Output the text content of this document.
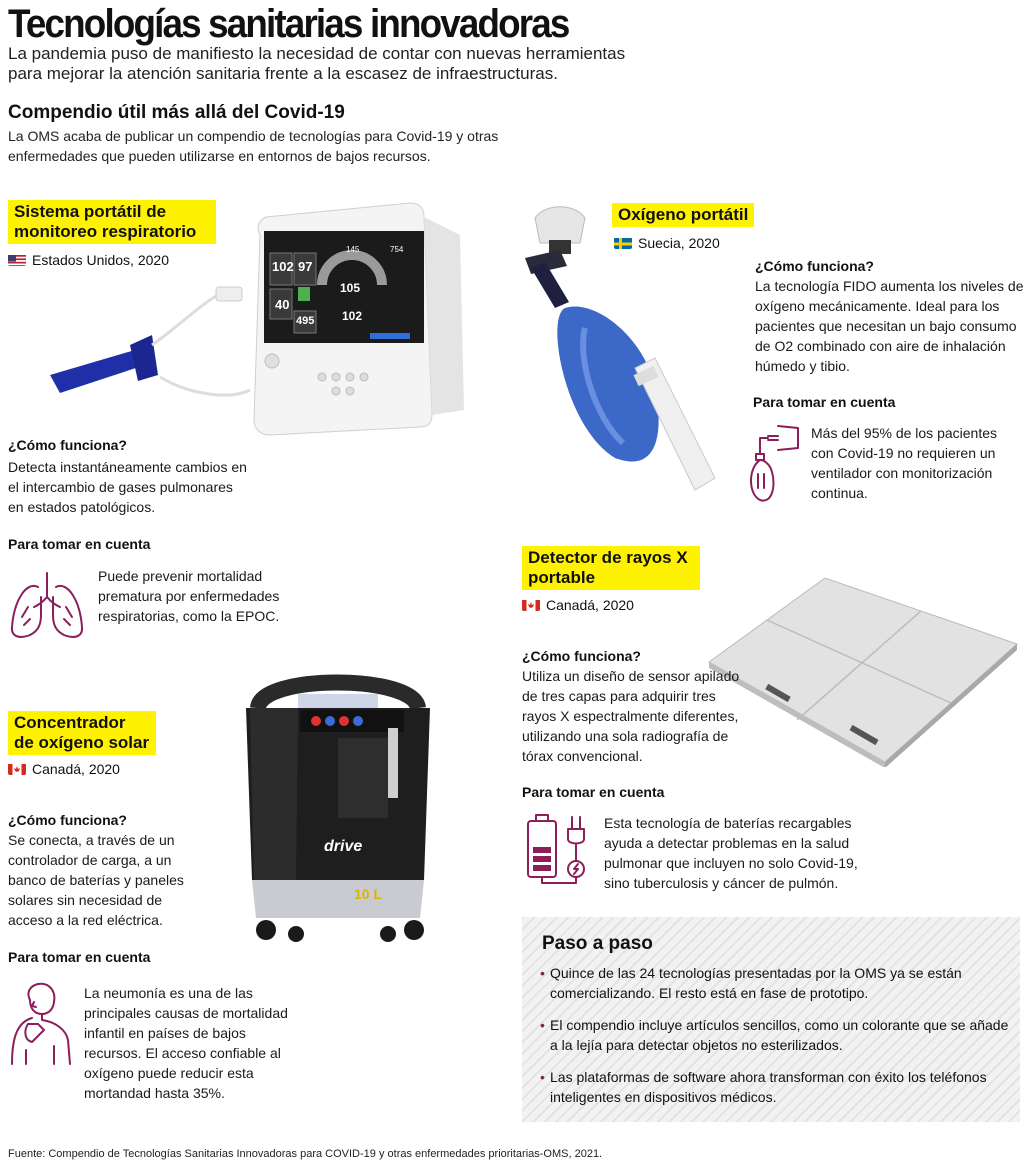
Tecnologías sanitarias innovadoras
La pandemia puso de manifiesto la necesidad de contar con nuevas herramientas para mejorar la atención sanitaria frente a la escasez de infraestructuras.
Compendio útil más allá del Covid-19
La OMS acaba de publicar un compendio de tecnologías para Covid-19 y otras enfermedades que pueden utilizarse en entornos de bajos recursos.
Sistema portátil de monitoreo respiratorio
Estados Unidos, 2020	102 97
40
495
105
102
145	754
¿Cómo funciona?
Detecta instantáneamente cambios en el intercambio de gases pulmonares en estados patológicos.
Para tomar en cuenta
Puede prevenir mortalidad prematura por enfermedades respiratorias, como la EPOC.
Oxígeno portátil
Suecia, 2020
¿Cómo funciona?
La tecnología FIDO aumenta los niveles de oxígeno mecánicamente. Ideal para los pacientes que necesitan un bajo consumo de O2 combinado con aire de inhalación húmedo y tibio.
Para tomar en cuenta
Más del 95% de los pacientes con Covid-19 no requieren un ventilador con monitorización continua.
Detector de rayos X portable
Canadá, 2020
¿Cómo funciona?
Utiliza un diseño de sensor apilado de tres capas para adquirir tres rayos X espectralmente diferentes, utilizando una sola radiografía de tórax convencional.
Para tomar en cuenta
Esta tecnología de baterías recargables ayuda a detectar problemas en la salud pulmonar que incluyen no solo Covid-19, sino tuberculosis y cáncer de pulmón.
drive
10 L
Concentrador de oxígeno solar
Canadá, 2020
¿Cómo funciona?
Se conecta, a través de un controlador de carga, a un banco de baterías y paneles solares sin necesidad de acceso a la red eléctrica.
Para tomar en cuenta
La neumonía es una de las principales causas de mortalidad infantil en países de bajos recursos. El acceso confiable al oxígeno puede reducir esta mortandad hasta 35%.
Paso a paso
• Quince de las 24 tecnologías presentadas por la OMS ya se están comercializando. El resto está en fase de prototipo.
• El compendio incluye artículos sencillos, como un colorante que se añade a la lejía para detectar objetos no esterilizados.
• Las plataformas de software ahora transforman con éxito los teléfonos inteligentes en dispositivos médicos.
Fuente: Compendio de Tecnologías Sanitarias Innovadoras para COVID-19 y otras enfermedades prioritarias-OMS, 2021.
